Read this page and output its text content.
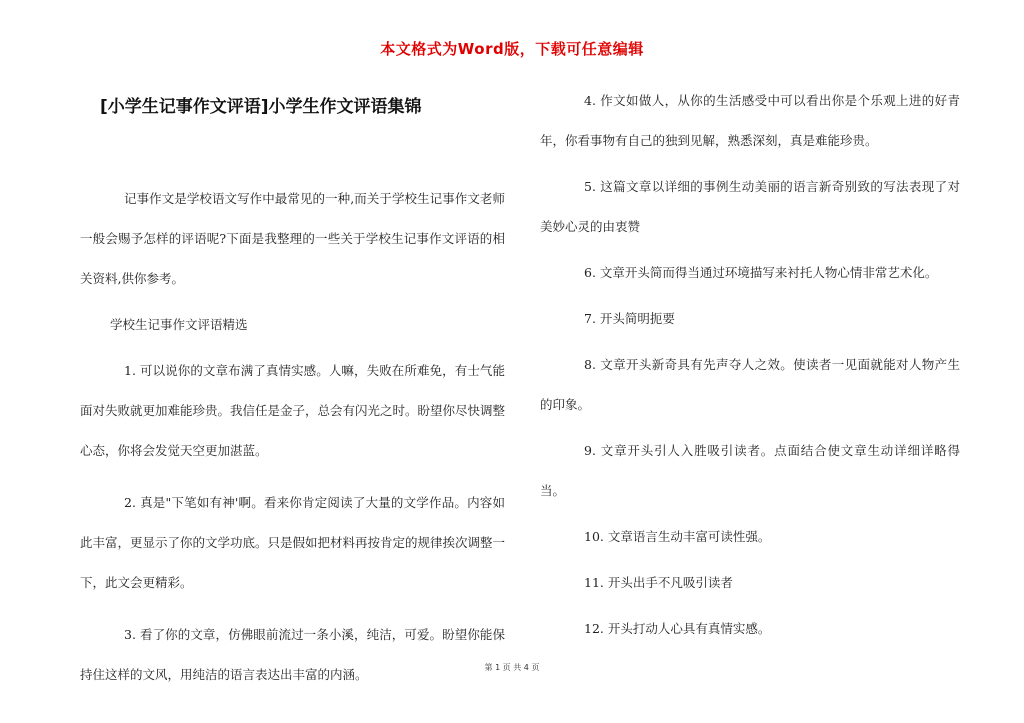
本文格式为Word版，下载可任意编辑
[小学生记事作文评语]小学生作文评语集锦

记事作文是学校语文写作中最常见的一种,而关于学校生记事作文老师一般会赐予怎样的评语呢?下面是我整理的一些关于学校生记事作文评语的相关资料,供你参考。

学校生记事作文评语精选

1. 可以说你的文章布满了真情实感。人嘛，失败在所难免，有士气能面对失败就更加难能珍贵。我信任是金子，总会有闪光之时。盼望你尽快调整心态，你将会发觉天空更加湛蓝。

2. 真是"下笔如有神'啊。看来你肯定阅读了大量的文学作品。内容如此丰富，更显示了你的文学功底。只是假如把材料再按肯定的规律挨次调整一下，此文会更精彩。

3. 看了你的文章，仿佛眼前流过一条小溪，纯洁，可爱。盼望你能保持住这样的文风，用纯洁的语言表达出丰富的内涵。

4. 作文如做人，从你的生活感受中可以看出你是个乐观上进的好青年，你看事物有自己的独到见解，熟悉深刻，真是难能珍贵。

5. 这篇文章以详细的事例生动美丽的语言新奇别致的写法表现了对美妙心灵的由衷赞

6. 文章开头简而得当通过环境描写来衬托人物心情非常艺术化。

7. 开头简明扼要

8. 文章开头新奇具有先声夺人之效。使读者一见面就能对人物产生的印象。

9. 文章开头引人入胜吸引读者。点面结合使文章生动详细详略得当。

10. 文章语言生动丰富可读性强。

11. 开头出手不凡吸引读者

12. 开头打动人心具有真情实感。

第 1 页 共 4 页
